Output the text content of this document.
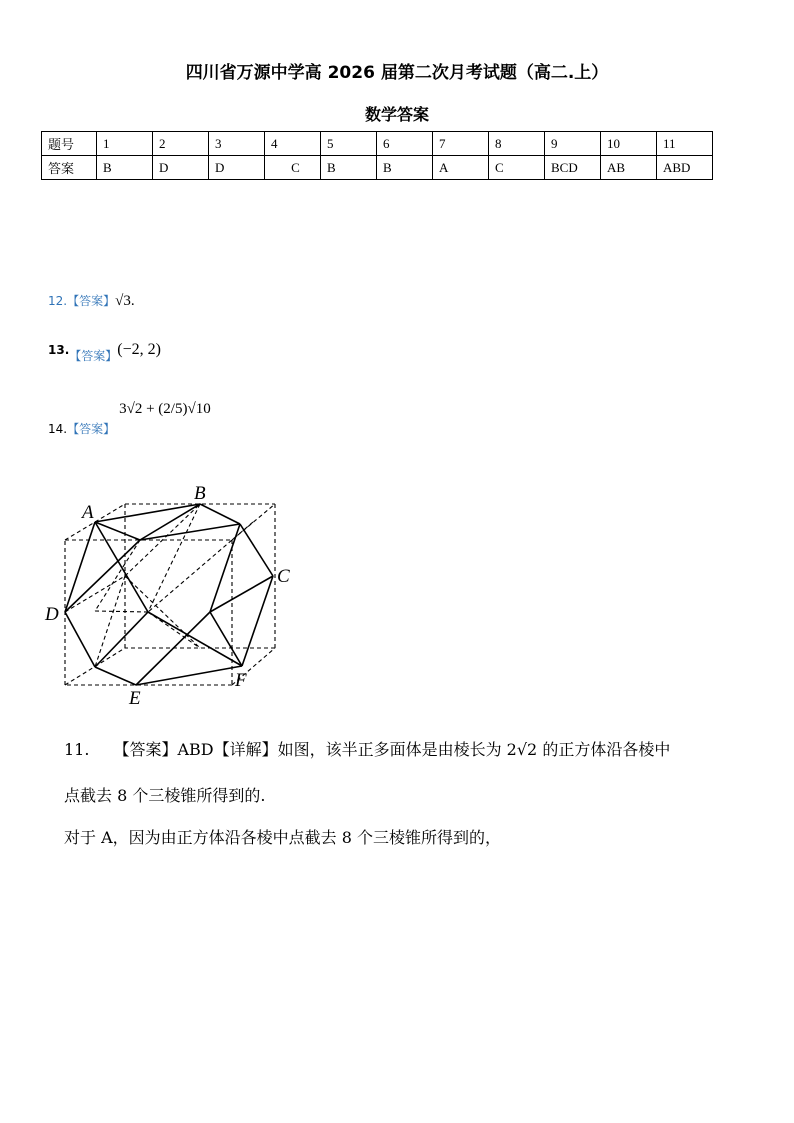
四川省万源中学高 2026 届第二次月考试题（高二.上）
数学答案
题号	1	2	3	4	5	6	7	8	9	10	11
答案	B	D	D	C	B	B	A	C	BCD	AB	ABD
12.【答案】√3.
13.【答案】(−2, 2)
14.【答案】3√2 + (2/5)√10
A
B
C
D
E
F
11. 【答案】ABD【详解】如图，该半正多面体是由棱长为 2√2 的正方体沿各棱中
点截去 8 个三棱锥所得到的.
对于 A，因为由正方体沿各棱中点截去 8 个三棱锥所得到的，
